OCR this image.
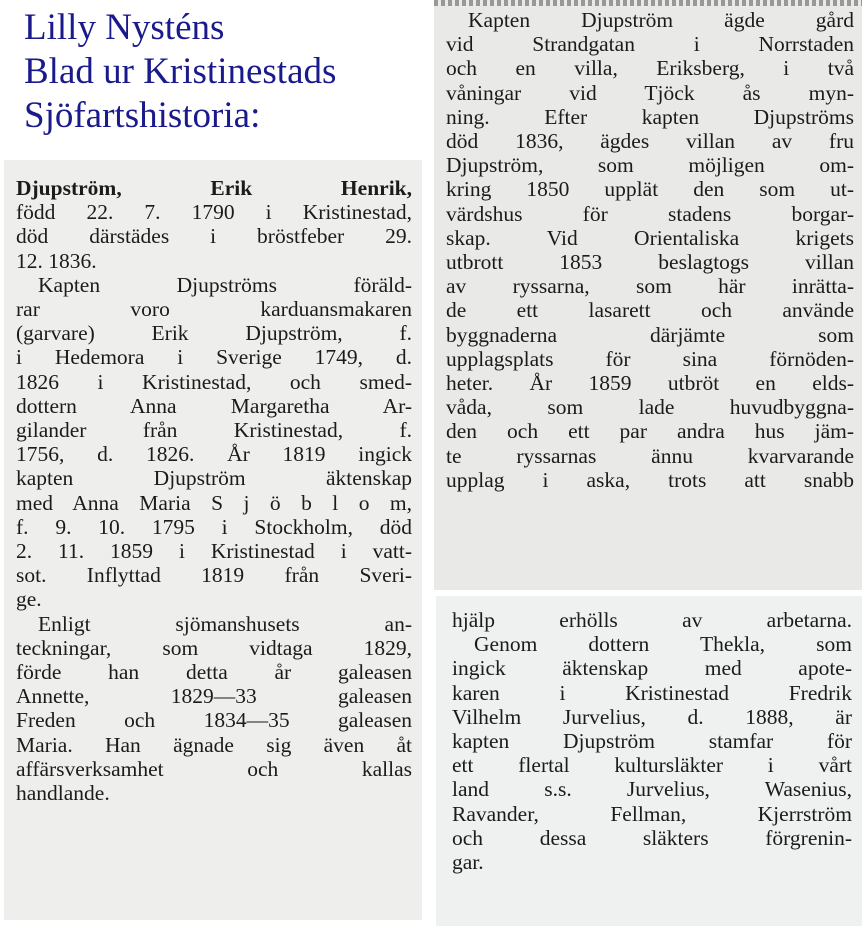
Lilly Nysténs
Blad ur Kristinestads
Sjöfartshistoria:
Djupström, Erik Henrik,
född 22. 7. 1790 i Kristinestad,
död därstädes i bröstfeber 29.
12. 1836.
Kapten Djupströms föräld-
rar voro karduansmakaren
(garvare) Erik Djupström, f.
i Hedemora i Sverige 1749, d.
1826 i Kristinestad, och smed-
dottern Anna Margaretha Ar-
gilander från Kristinestad, f.
1756, d. 1826. År 1819 ingick
kapten Djupström äktenskap
med Anna Maria S j ö b l o m,
f. 9. 10. 1795 i Stockholm, död
2. 11. 1859 i Kristinestad i vatt-
sot. Inflyttad 1819 från Sveri-
ge.
Enligt sjömanshusets an-
teckningar, som vidtaga 1829,
förde han detta år galeasen
Annette, 1829—33 galeasen
Freden och 1834—35 galeasen
Maria. Han ägnade sig även åt
affärsverksamhet och kallas
handlande.
Kapten Djupström ägde gård
vid Strandgatan i Norrstaden
och en villa, Eriksberg, i två
våningar vid Tjöck ås myn-
ning. Efter kapten Djupströms
död 1836, ägdes villan av fru
Djupström, som möjligen om-
kring 1850 upplät den som ut-
värdshus för stadens borgar-
skap. Vid Orientaliska krigets
utbrott 1853 beslagtogs villan
av ryssarna, som här inrätta-
de ett lasarett och använde
byggnaderna därjämte som
upplagsplats för sina förnöden-
heter. År 1859 utbröt en elds-
våda, som lade huvudbyggna-
den och ett par andra hus jäm-
te ryssarnas ännu kvarvarande
upplag i aska, trots att snabb
hjälp erhölls av arbetarna.
Genom dottern Thekla, som
ingick äktenskap med apote-
karen i Kristinestad Fredrik
Vilhelm Jurvelius, d. 1888, är
kapten Djupström stamfar för
ett flertal kultursläkter i vårt
land s.s. Jurvelius, Wasenius,
Ravander, Fellman, Kjerrström
och dessa släkters förgrenin-
gar.
